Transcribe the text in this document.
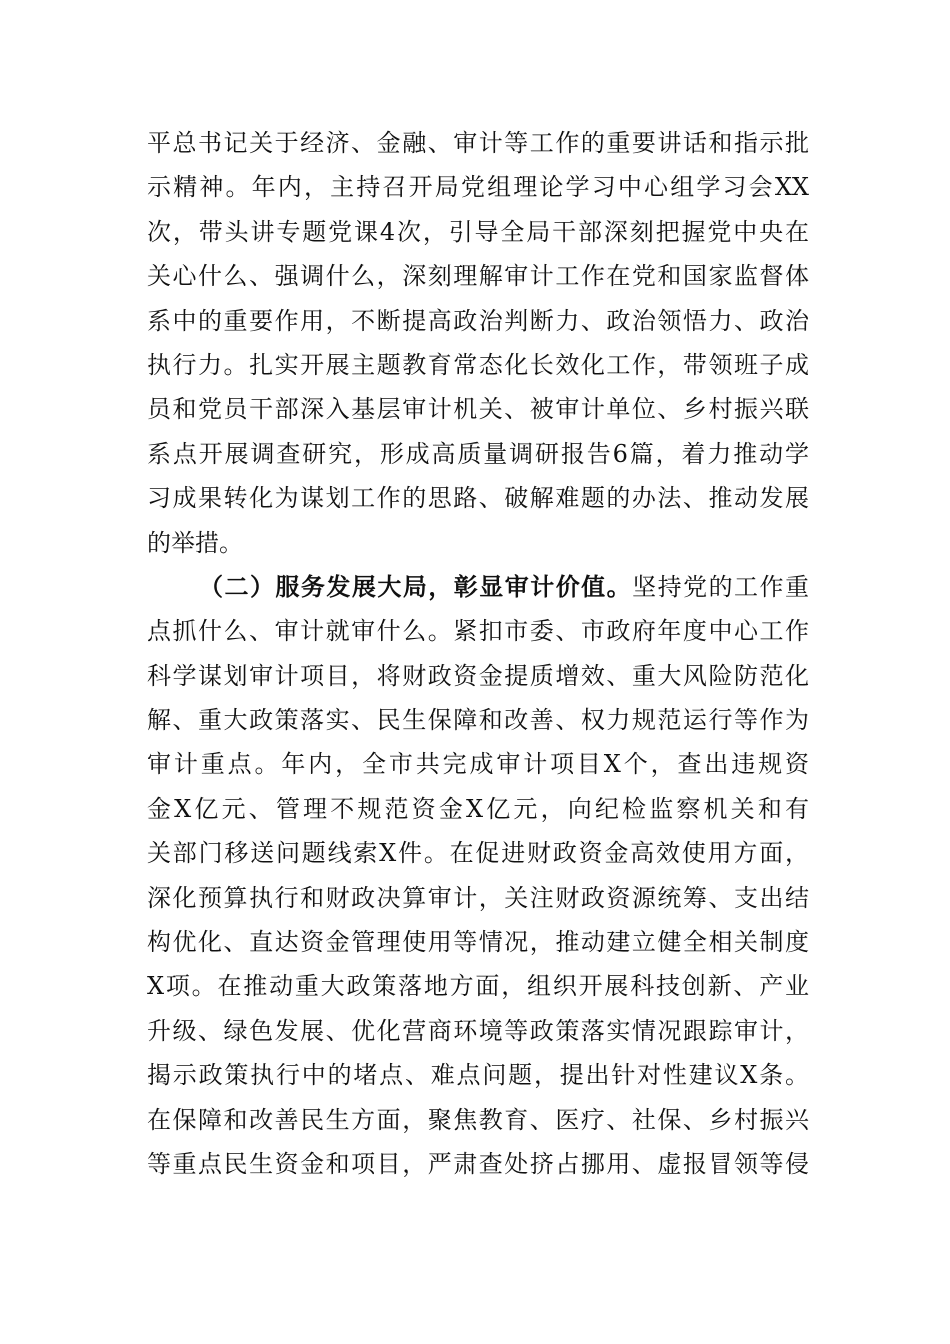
平总书记关于经济、金融、审计等工作的重要讲话和指示批
示精神。年内，主持召开局党组理论学习中心组学习会XX
次，带头讲专题党课4次，引导全局干部深刻把握党中央在
关心什么、强调什么，深刻理解审计工作在党和国家监督体
系中的重要作用，不断提高政治判断力、政治领悟力、政治
执行力。扎实开展主题教育常态化长效化工作，带领班子成
员和党员干部深入基层审计机关、被审计单位、乡村振兴联
系点开展调查研究，形成高质量调研报告6篇，着力推动学
习成果转化为谋划工作的思路、破解难题的办法、推动发展
的举措。
（二）服务发展大局，彰显审计价值。坚持党的工作重
点抓什么、审计就审什么。紧扣市委、市政府年度中心工作
科学谋划审计项目，将财政资金提质增效、重大风险防范化
解、重大政策落实、民生保障和改善、权力规范运行等作为
审计重点。年内，全市共完成审计项目X个，查出违规资
金X亿元、管理不规范资金X亿元，向纪检监察机关和有
关部门移送问题线索X件。在促进财政资金高效使用方面，
深化预算执行和财政决算审计，关注财政资源统筹、支出结
构优化、直达资金管理使用等情况，推动建立健全相关制度
X项。在推动重大政策落地方面，组织开展科技创新、产业
升级、绿色发展、优化营商环境等政策落实情况跟踪审计，
揭示政策执行中的堵点、难点问题，提出针对性建议X条。
在保障和改善民生方面，聚焦教育、医疗、社保、乡村振兴
等重点民生资金和项目，严肃查处挤占挪用、虚报冒领等侵
